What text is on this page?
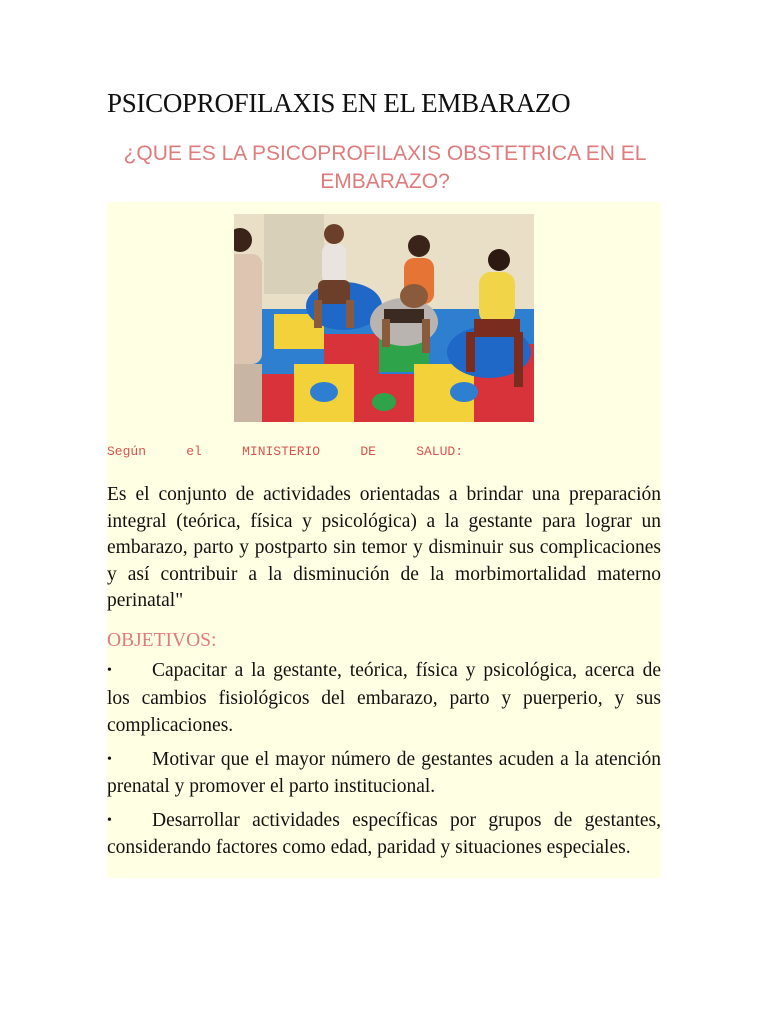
PSICOPROFILAXIS EN EL EMBARAZO
¿QUE ES LA PSICOPROFILAXIS OBSTETRICA EN EL EMBARAZO?
Según	el	MINISTERIO	DE	SALUD:
Es el conjunto de actividades orientadas a brindar una preparación integral (teórica, física y psicológica) a la gestante para lograr un embarazo, parto y postparto sin temor y disminuir sus complicaciones y así contribuir a la disminución de la morbimortalidad materno perinatal"
OBJETIVOS:
• Capacitar a la gestante, teórica, física y psicológica, acerca de los cambios fisiológicos del embarazo, parto y puerperio, y sus complicaciones.
• Motivar que el mayor número de gestantes acuden a la atención prenatal y promover el parto institucional.
• Desarrollar actividades específicas por grupos de gestantes, considerando factores como edad, paridad y situaciones especiales.
